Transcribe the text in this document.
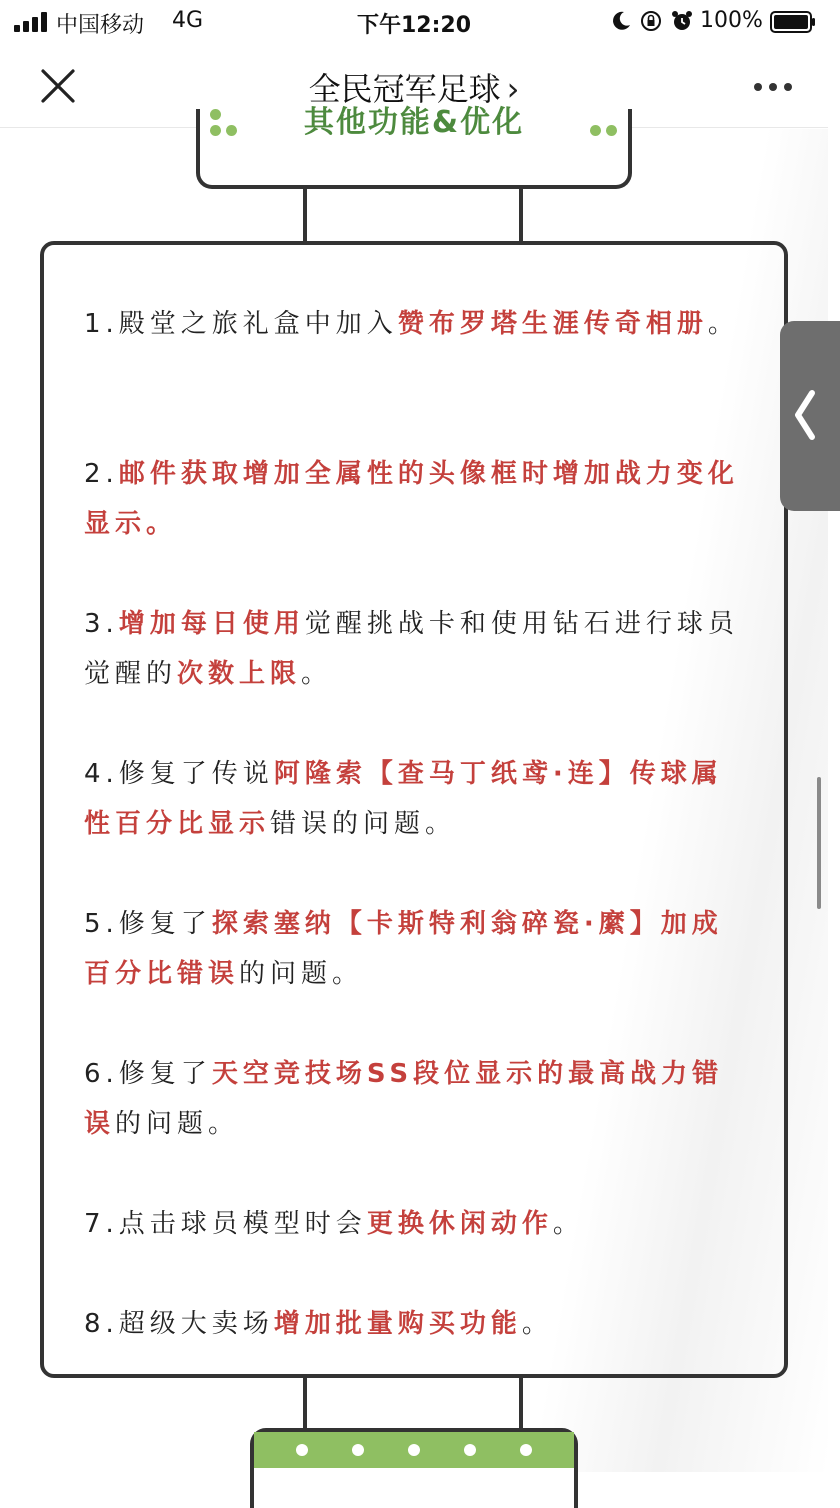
中国移动 4G	下午12:20	100%
全民冠军足球 ›
其他功能&优化
1.殿堂之旅礼盒中加入赞布罗塔生涯传奇相册。
2.邮件获取增加全属性的头像框时增加战力变化显示。
3.增加每日使用觉醒挑战卡和使用钻石进行球员觉醒的次数上限。
4.修复了传说阿隆索【查马丁纸鸢·连】传球属性百分比显示错误的问题。
5.修复了探索塞纳【卡斯特利翁碎瓷·縻】加成百分比错误的问题。
6.修复了天空竞技场SS段位显示的最高战力错误的问题。
7.点击球员模型时会更换休闲动作。
8.超级大卖场增加批量购买功能。
